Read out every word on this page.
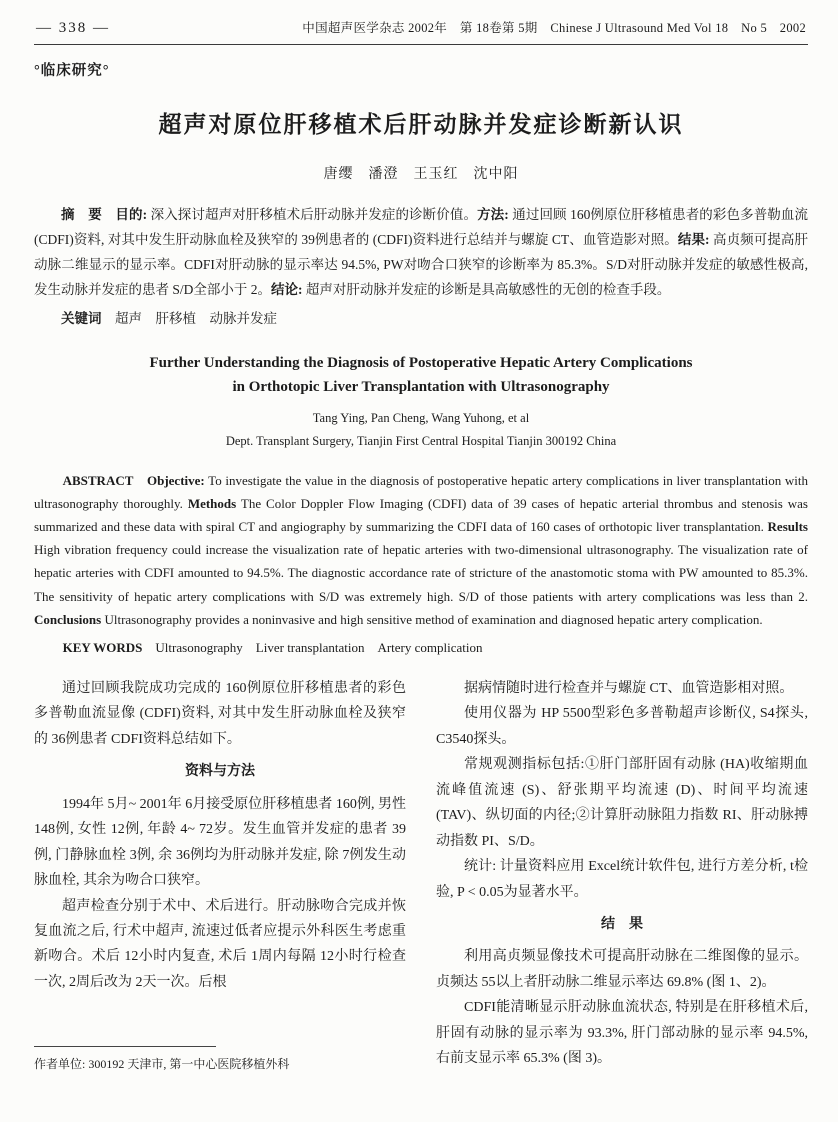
— 338 —	中国超声医学杂志 2002年　第 18卷第 5期　Chinese J Ultrasound Med Vol 18　No 5　2002
°临床研究°
超声对原位肝移植术后肝动脉并发症诊断新认识
唐缨　潘澄　王玉红　沈中阳

摘　要　目的: 深入探讨超声对肝移植术后肝动脉并发症的诊断价值。方法: 通过回顾 160例原位肝移植患者的彩色多普勒血流 (CDFI)资料, 对其中发生肝动脉血栓及狭窄的 39例患者的 (CDFI)资料进行总结并与螺旋 CT、血管造影对照。结果: 高贞频可提高肝动脉二维显示的显示率。CDFI对肝动脉的显示率达 94.5%, PW对吻合口狭窄的诊断率为 85.3%。S/D对肝动脉并发症的敏感性极高, 发生动脉并发症的患者 S/D全部小于 2。结论: 超声对肝动脉并发症的诊断是具高敏感性的无创的检查手段。

关键词　超声　肝移植　动脉并发症
Further Understanding the Diagnosis of Postoperative Hepatic Artery Complications
in Orthotopic Liver Transplantation with Ultrasonography
Tang Ying, Pan Cheng, Wang Yuhong, et al
Dept. Transplant Surgery, Tianjin First Central Hospital Tianjin 300192 China

ABSTRACT　Objective: To investigate the value in the diagnosis of postoperative hepatic artery complications in liver transplantation with ultrasonography thoroughly. Methods The Color Doppler Flow Imaging (CDFI) data of 39 cases of hepatic arterial thrombus and stenosis was summarized and these data with spiral CT and angiography by summarizing the CDFI data of 160 cases of orthotopic liver transplantation. Results High vibration frequency could increase the visualization rate of hepatic arteries with two-dimensional ultrasonography. The visualization rate of hepatic arteries with CDFI amounted to 94.5%. The diagnostic accordance rate of stricture of the anastomotic stoma with PW amounted to 85.3%. The sensitivity of hepatic artery complications with S/D was extremely high. S/D of those patients with artery complications was less than 2. Conclusions Ultrasonography provides a noninvasive and high sensitive method of examination and diagnosed hepatic artery complication.

KEY WORDS　Ultrasonography　Liver transplantation　Artery complication

通过回顾我院成功完成的 160例原位肝移植患者的彩色多普勒血流显像 (CDFI)资料, 对其中发生肝动脉血栓及狭窄的 36例患者 CDFI资料总结如下。

资料与方法

1994年 5月~ 2001年 6月接受原位肝移植患者 160例, 男性 148例, 女性 12例, 年龄 4~ 72岁。发生血管并发症的患者 39例, 门静脉血栓 3例, 余 36例均为肝动脉并发症, 除 7例发生动脉血栓, 其余为吻合口狭窄。

超声检查分别于术中、术后进行。肝动脉吻合完成并恢复血流之后, 行术中超声, 流速过低者应提示外科医生考虑重新吻合。术后 12小时内复查, 术后 1周内每隔 12小时行检查一次, 2周后改为 2天一次。后根

作者单位: 300192 天津市, 第一中心医院移植外科

据病情随时进行检查并与螺旋 CT、血管造影相对照。

使用仪器为 HP 5500型彩色多普勒超声诊断仪, S4探头, C3540探头。

常规观测指标包括:①肝门部肝固有动脉 (HA)收缩期血流峰值流速 (S)、舒张期平均流速 (D)、时间平均流速 (TAV)、纵切面的内径;②计算肝动脉阻力指数 RI、肝动脉搏动指数 PI、S/D。

统计: 计量资料应用 Excel统计软件包, 进行方差分析, t检验, P < 0.05为显著水平。

结　果

利用高贞频显像技术可提高肝动脉在二维图像的显示。贞频达 55以上者肝动脉二维显示率达 69.8% (图 1、2)。

CDFI能清晰显示肝动脉血流状态, 特别是在肝移植术后, 肝固有动脉的显示率为 93.3%, 肝门部动脉的显示率 94.5%, 右前支显示率 65.3% (图 3)。
